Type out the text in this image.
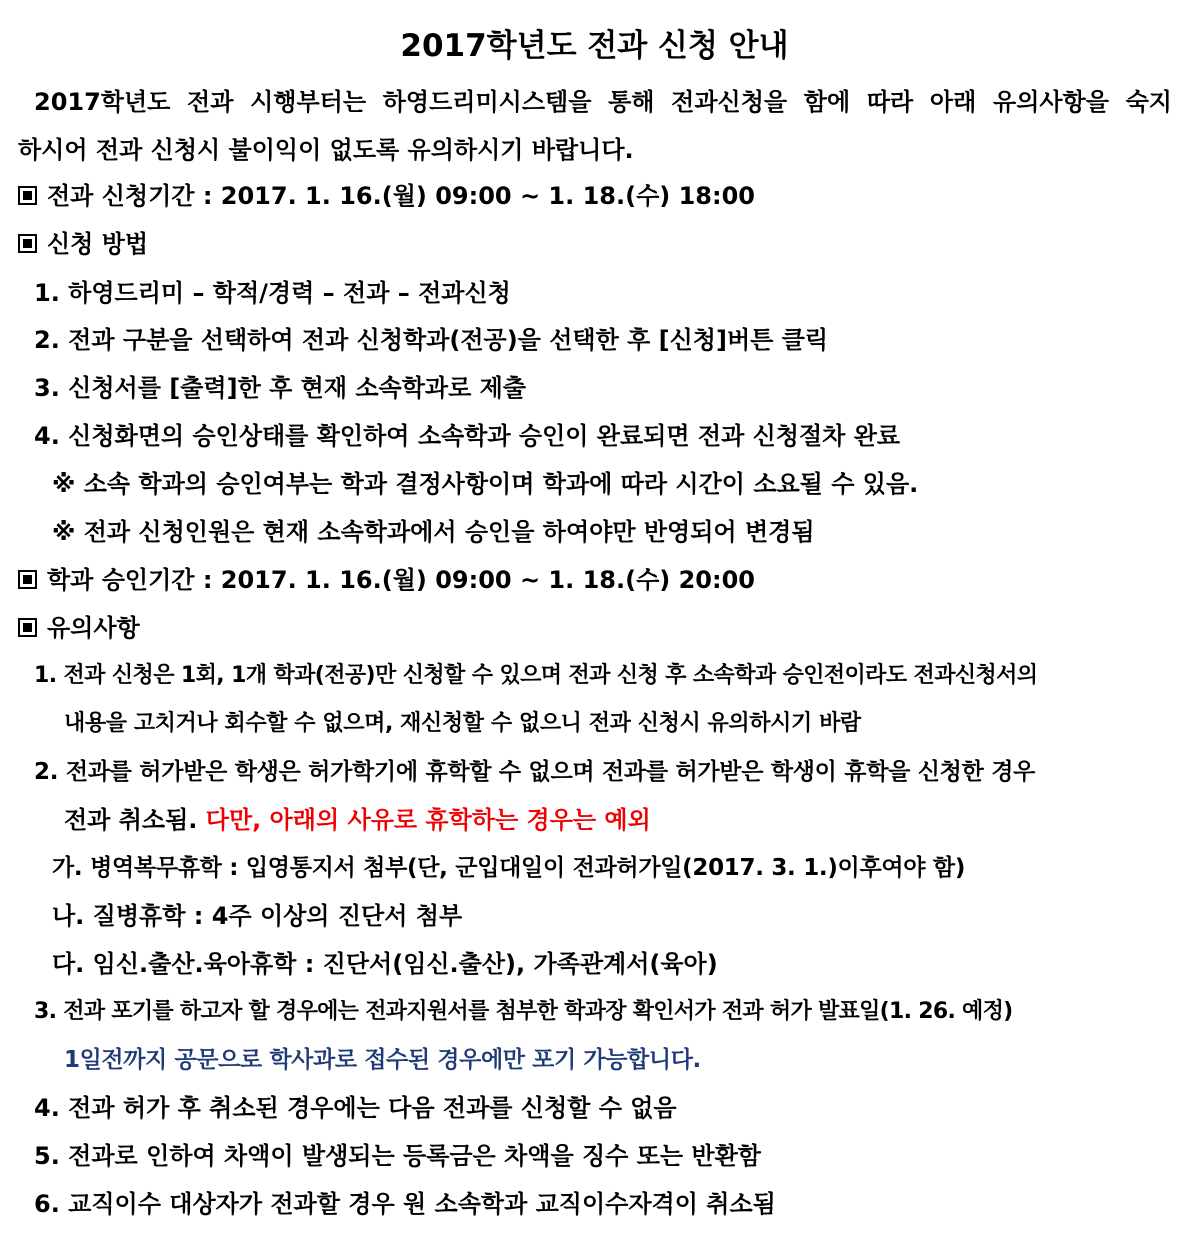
2017학년도 전과 신청 안내
2017학년도 전과 시행부터는 하영드리미시스템을 통해 전과신청을 함에 따라 아래 유의사항을 숙지
하시어 전과 신청시 불이익이 없도록 유의하시기 바랍니다.
전과 신청기간 : 2017. 1. 16.(월) 09:00 ~ 1. 18.(수) 18:00
신청 방법
1. 하영드리미 – 학적/경력 – 전과 – 전과신청
2. 전과 구분을 선택하여 전과 신청학과(전공)을 선택한 후 [신청]버튼 클릭
3. 신청서를 [출력]한 후 현재 소속학과로 제출
4. 신청화면의 승인상태를 확인하여 소속학과 승인이 완료되면 전과 신청절차 완료
※ 소속 학과의 승인여부는 학과 결정사항이며 학과에 따라 시간이 소요될 수 있음.
※ 전과 신청인원은 현재 소속학과에서 승인을 하여야만 반영되어 변경됨
학과 승인기간 : 2017. 1. 16.(월) 09:00 ~ 1. 18.(수) 20:00
유의사항
1. 전과 신청은 1회, 1개 학과(전공)만 신청할 수 있으며 전과 신청 후 소속학과 승인전이라도 전과신청서의
내용을 고치거나 회수할 수 없으며, 재신청할 수 없으니 전과 신청시 유의하시기 바람
2. 전과를 허가받은 학생은 허가학기에 휴학할 수 없으며 전과를 허가받은 학생이 휴학을 신청한 경우
전과 취소됨. 다만, 아래의 사유로 휴학하는 경우는 예외
가. 병역복무휴학 : 입영통지서 첨부(단, 군입대일이 전과허가일(2017. 3. 1.)이후여야 함)
나. 질병휴학 : 4주 이상의 진단서 첨부
다. 임신.출산.육아휴학 : 진단서(임신.출산), 가족관계서(육아)
3. 전과 포기를 하고자 할 경우에는 전과지원서를 첨부한 학과장 확인서가 전과 허가 발표일(1. 26. 예정)
1일전까지 공문으로 학사과로 접수된 경우에만 포기 가능합니다.
4. 전과 허가 후 취소된 경우에는 다음 전과를 신청할 수 없음
5. 전과로 인하여 차액이 발생되는 등록금은 차액을 징수 또는 반환함
6. 교직이수 대상자가 전과할 경우 원 소속학과 교직이수자격이 취소됨
